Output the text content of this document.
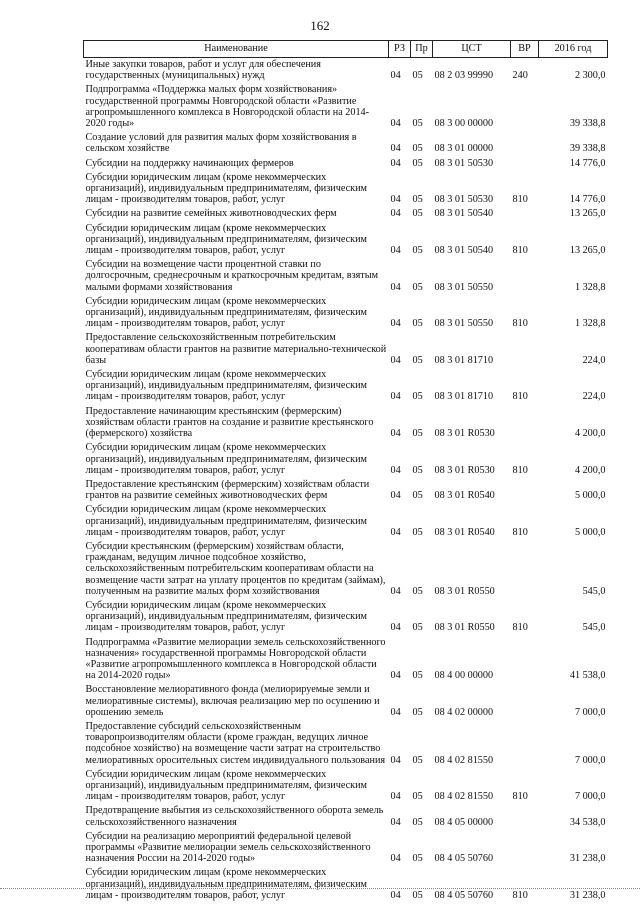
162
Наименование	РЗ	Пр	ЦСТ	ВР	2016 год
Иные закупки товаров, работ и услуг для обеспечения государственных (муниципальных) нужд	04	05	08 2 03 99990	240	2 300,0
Подпрограмма «Поддержка малых форм хозяйствования» государственной программы Новгородской области «Развитие агропромышленного комплекса в Новгородской области на 2014-2020 годы»	04	05	08 3 00 00000		39 338,8
Создание условий для развития малых форм хозяйствования в сельском хозяйстве	04	05	08 3 01 00000		39 338,8
Субсидии на поддержку начинающих фермеров	04	05	08 3 01 50530		14 776,0
Субсидии юридическим лицам (кроме некоммерческих организаций), индивидуальным предпринимателям, физическим лицам - производителям товаров, работ, услуг	04	05	08 3 01 50530	810	14 776,0
Субсидии на развитие семейных животноводческих ферм	04	05	08 3 01 50540		13 265,0
Субсидии юридическим лицам (кроме некоммерческих организаций), индивидуальным предпринимателям, физическим лицам - производителям товаров, работ, услуг	04	05	08 3 01 50540	810	13 265,0
Субсидии на возмещение части процентной ставки по долгосрочным, среднесрочным и краткосрочным кредитам, взятым малыми формами хозяйствования	04	05	08 3 01 50550		1 328,8
Субсидии юридическим лицам (кроме некоммерческих организаций), индивидуальным предпринимателям, физическим лицам - производителям товаров, работ, услуг	04	05	08 3 01 50550	810	1 328,8
Предоставление сельскохозяйственным потребительским кооперативам области грантов на развитие материально-технической базы	04	05	08 3 01 81710		224,0
Субсидии юридическим лицам (кроме некоммерческих организаций), индивидуальным предпринимателям, физическим лицам - производителям товаров, работ, услуг	04	05	08 3 01 81710	810	224,0
Предоставление начинающим крестьянским (фермерским) хозяйствам области грантов на создание и развитие крестьянского (фермерского) хозяйства	04	05	08 3 01 R0530		4 200,0
Субсидии юридическим лицам (кроме некоммерческих организаций), индивидуальным предпринимателям, физическим лицам - производителям товаров, работ, услуг	04	05	08 3 01 R0530	810	4 200,0
Предоставление крестьянским (фермерским) хозяйствам области грантов на развитие семейных животноводческих ферм	04	05	08 3 01 R0540		5 000,0
Субсидии юридическим лицам (кроме некоммерческих организаций), индивидуальным предпринимателям, физическим лицам - производителям товаров, работ, услуг	04	05	08 3 01 R0540	810	5 000,0
Субсидии крестьянским (фермерским) хозяйствам области, гражданам, ведущим личное подсобное хозяйство, сельскохозяйственным потребительским кооперативам области на возмещение части затрат на уплату процентов по кредитам (займам), полученным на развитие малых форм хозяйствования	04	05	08 3 01 R0550		545,0
Субсидии юридическим лицам (кроме некоммерческих организаций), индивидуальным предпринимателям, физическим лицам - производителям товаров, работ, услуг	04	05	08 3 01 R0550	810	545,0
Подпрограмма «Развитие мелиорации земель сельскохозяйственного назначения» государственной программы Новгородской области «Развитие агропромышленного комплекса в Новгородской области на 2014-2020 годы»	04	05	08 4 00 00000		41 538,0
Восстановление мелиоративного фонда (мелиорируемые земли и мелиоративные системы), включая реализацию мер по осушению и орошению земель	04	05	08 4 02 00000		7 000,0
Предоставление субсидий сельскохозяйственным товаропроизводителям области (кроме граждан, ведущих личное подсобное хозяйство) на возмещение части затрат на строительство мелиоративных оросительных систем индивидуального пользования	04	05	08 4 02 81550		7 000,0
Субсидии юридическим лицам (кроме некоммерческих организаций), индивидуальным предпринимателям, физическим лицам - производителям товаров, работ, услуг	04	05	08 4 02 81550	810	7 000,0
Предотвращение выбытия из сельскохозяйственного оборота земель сельскохозяйственного назначения	04	05	08 4 05 00000		34 538,0
Субсидии на реализацию мероприятий федеральной целевой программы «Развитие мелиорации земель сельскохозяйственного назначения России на 2014-2020 годы»	04	05	08 4 05 50760		31 238,0
Субсидии юридическим лицам (кроме некоммерческих организаций), индивидуальным предпринимателям, физическим лицам - производителям товаров, работ, услуг	04	05	08 4 05 50760	810	31 238,0
